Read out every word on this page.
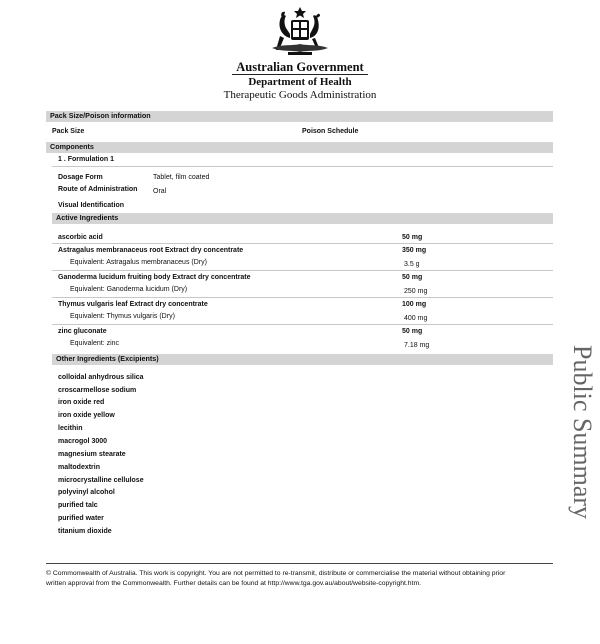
Australian Government
Department of Health
Therapeutic Goods Administration
Pack Size/Poison information
Pack Size	Poison Schedule
Components
1 . Formulation 1
Dosage Form	Tablet, film coated
Route of Administration Oral
Visual Identification
Active Ingredients
ascorbic acid	50 mg
Astragalus membranaceus root Extract dry concentrate	350 mg
Equivalent: Astragalus membranaceus (Dry)	3.5 g
Ganoderma lucidum fruiting body Extract dry concentrate	50 mg
Equivalent: Ganoderma lucidum (Dry)	250 mg
Thymus vulgaris leaf Extract dry concentrate	100 mg
Equivalent: Thymus vulgaris (Dry)	400 mg
zinc gluconate	50 mg
Equivalent: zinc	7.18 mg
Other Ingredients (Excipients)
colloidal anhydrous silica
croscarmellose sodium
iron oxide red
iron oxide yellow
lecithin
macrogol 3000
magnesium stearate
maltodextrin
microcrystalline cellulose
polyvinyl alcohol
purified talc
purified water
titanium dioxide
© Commonwealth of Australia. This work is copyright. You are not permitted to re-transmit, distribute or commercialise the material without obtaining prior
written approval from the Commonwealth. Further details can be found at http://www.tga.gov.au/about/website-copyright.htm.
Public Summary
